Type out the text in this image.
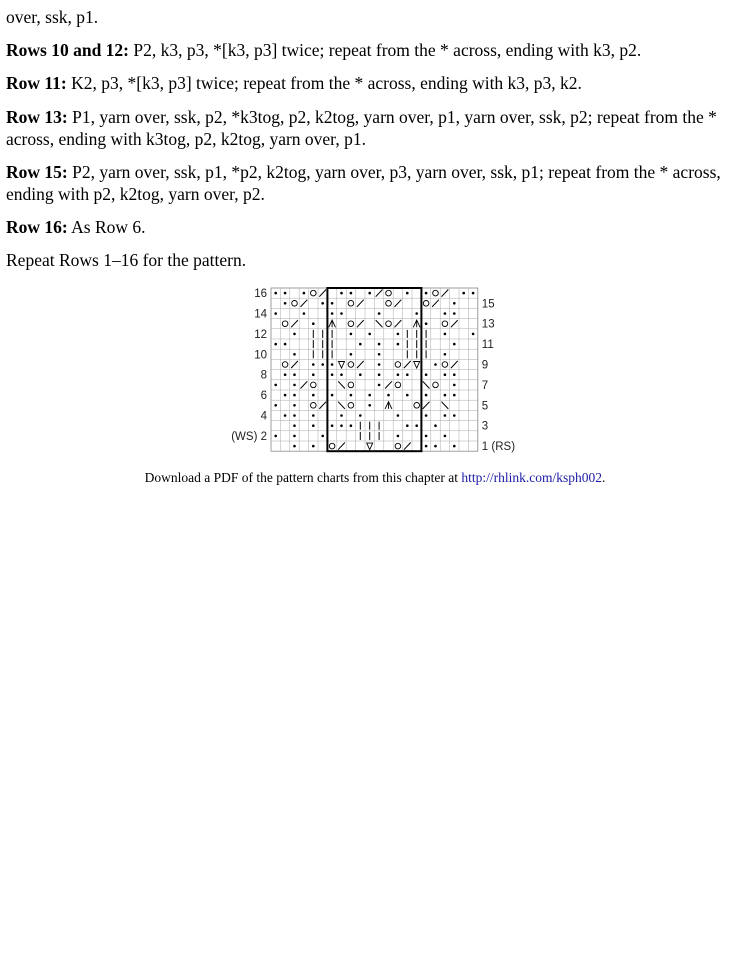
over, ssk, p1.

Rows 10 and 12: P2, k3, p3, *[k3, p3] twice; repeat from the * across, ending with k3, p2.

Row 11: K2, p3, *[k3, p3] twice; repeat from the * across, ending with k3, p3, k2.

Row 13: P1, yarn over, ssk, p2, *k3tog, p2, k2tog, yarn over, p1, yarn over, ssk, p2; repeat from the * across, ending with k3tog, p2, k2tog, yarn over, p1.

Row 15: P2, yarn over, ssk, p1, *p2, k2tog, yarn over, p3, yarn over, ssk, p1; repeat from the * across, ending with p2, k2tog, yarn over, p2.

Row 16: As Row 6.

Repeat Rows 1–16 for the pattern.

16
14
12
10
8
6
4
(WS) 2
15
13
11
9
7
5
3
1 (RS)
Download a PDF of the pattern charts from this chapter at http://rhlink.com/ksph002.
